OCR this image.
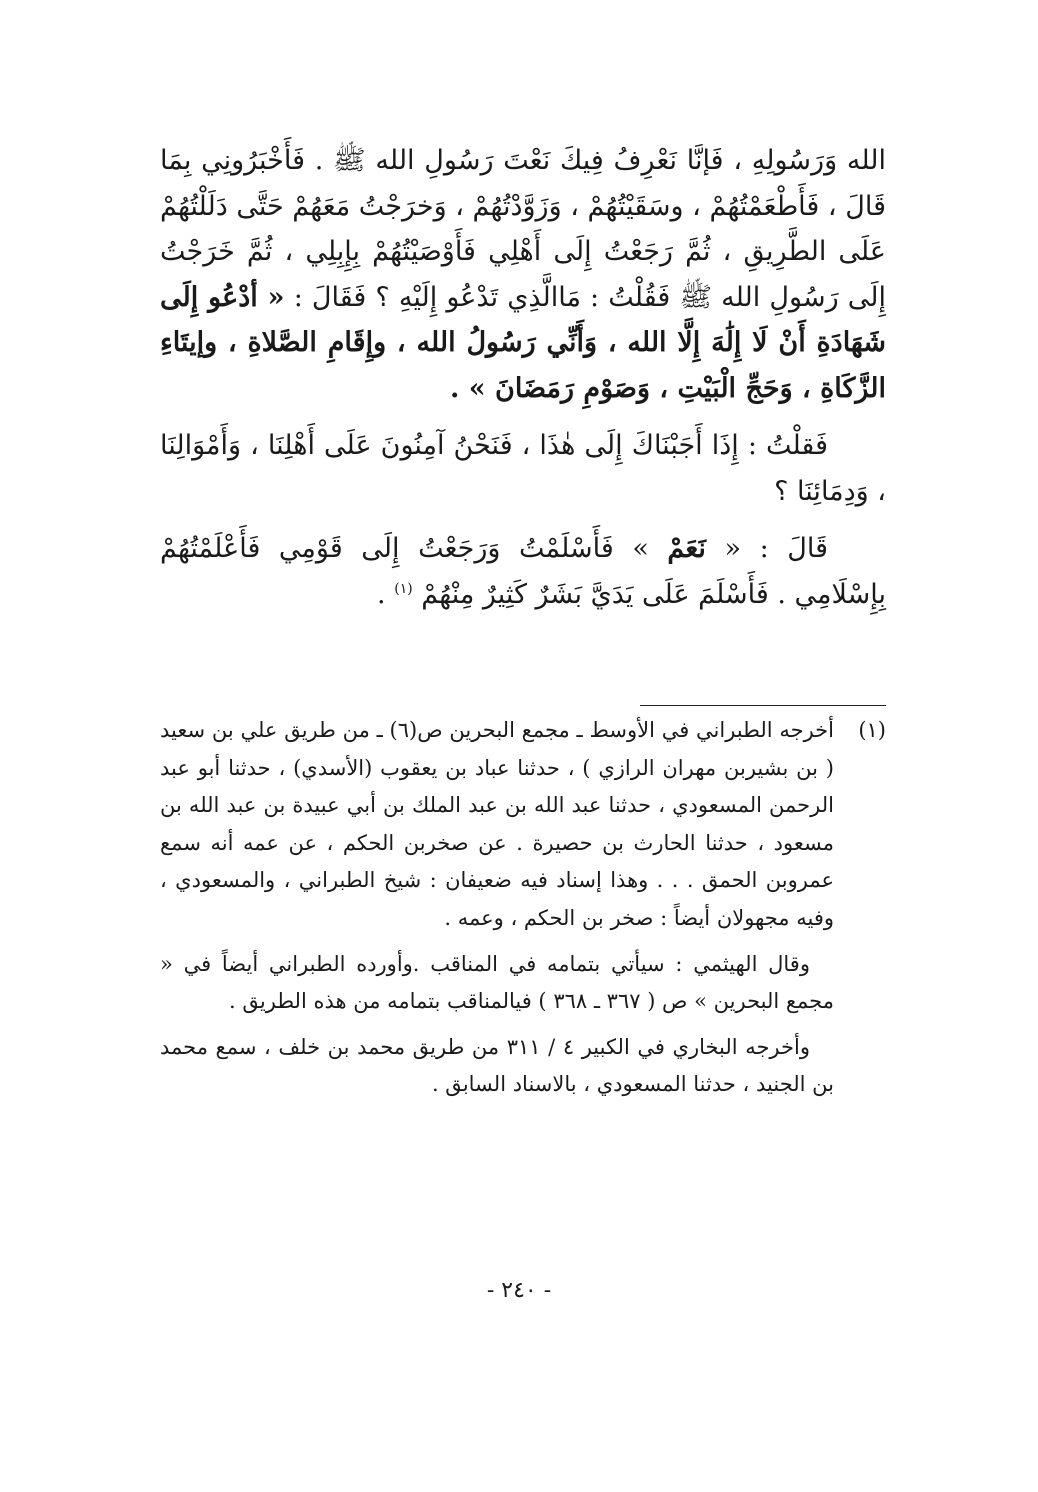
الله وَرَسُولِهِ ، فَإنَّا نَعْرِفُ فِيكَ نَعْتَ رَسُولِ الله ﷺ . فَأَخْبَرُونِي بِمَا قَالَ ، فَأَطْعَمْتُهُمْ ، وسَقَيْتُهُمْ ، وَزَوَّدْتُهُمْ ، وَخرَجْتُ مَعَهُمْ حَتَّى دَلَلْتُهُمْ عَلَى الطَّرِيقِ ، ثُمَّ رَجَعْتُ إِلَى أَهْلِي فَأَوْصَيْتُهُمْ بِإِبِلِي ، ثُمَّ خَرَجْتُ إِلَى رَسُولِ الله ﷺ فَقُلْتُ : مَاالَّذِي تَدْعُو إِلَيْهِ ؟ فَقَالَ : « أدْعُو إِلَى شَهَادَةِ أَنْ لَا إِلَٰهَ إِلَّا الله ، وَأَنِّي رَسُولُ الله ، وإِقَامِ الصَّلاةِ ، وإيتَاءِ الزَّكَاةِ ، وَحَجِّ الْبَيْتِ ، وَصَوْمِ رَمَضَانَ » .

فَقلْتُ : إِذَا أَجَبْنَاكَ إِلَى هٰذَا ، فَنَحْنُ آمِنُونَ عَلَى أَهْلِنَا ، وَأَمْوَالِنَا ، وَدِمَائِنَا ؟

قَالَ : « نَعَمْ » فَأَسْلَمْتُ وَرَجَعْتُ إِلَى قَوْمِي فَأَعْلَمْتُهُمْ بِإِسْلَامِي . فَأَسْلَمَ عَلَى يَدَيَّ بَشَرٌ كَثِيرٌ مِنْهُمْ $^{(١)}$ .

(١)

أخرجه الطبراني في الأوسط ـ مجمع البحرين ص(٦) ـ من طريق علي بن سعيد ( بن بشيربن مهران الرازي ) ، حدثنا عباد بن يعقوب (الأسدي) ، حدثنا أبو عبد الرحمن المسعودي ، حدثنا عبد الله بن عبد الملك بن أبي عبيدة بن عبد الله بن مسعود ، حدثنا الحارث بن حصيرة . عن صخربن الحكم ، عن عمه أنه سمع عمروبن الحمق . . . وهذا إسناد فيه ضعيفان : شيخ الطبراني ، والمسعودي ، وفيه مجهولان أيضاً : صخر بن الحكم ، وعمه .

وقال الهيثمي : سيأتي بتمامه في المناقب .وأورده الطبراني أيضاً في « مجمع البحرين » ص ( ٣٦٧ ـ ٣٦٨ ) فيالمناقب بتمامه من هذه الطريق .

وأخرجه البخاري في الكبير ٤ / ٣١١ من طريق محمد بن خلف ، سمع محمد بن الجنيد ، حدثنا المسعودي ، بالاسناد السابق .

- ٢٤٠ -
